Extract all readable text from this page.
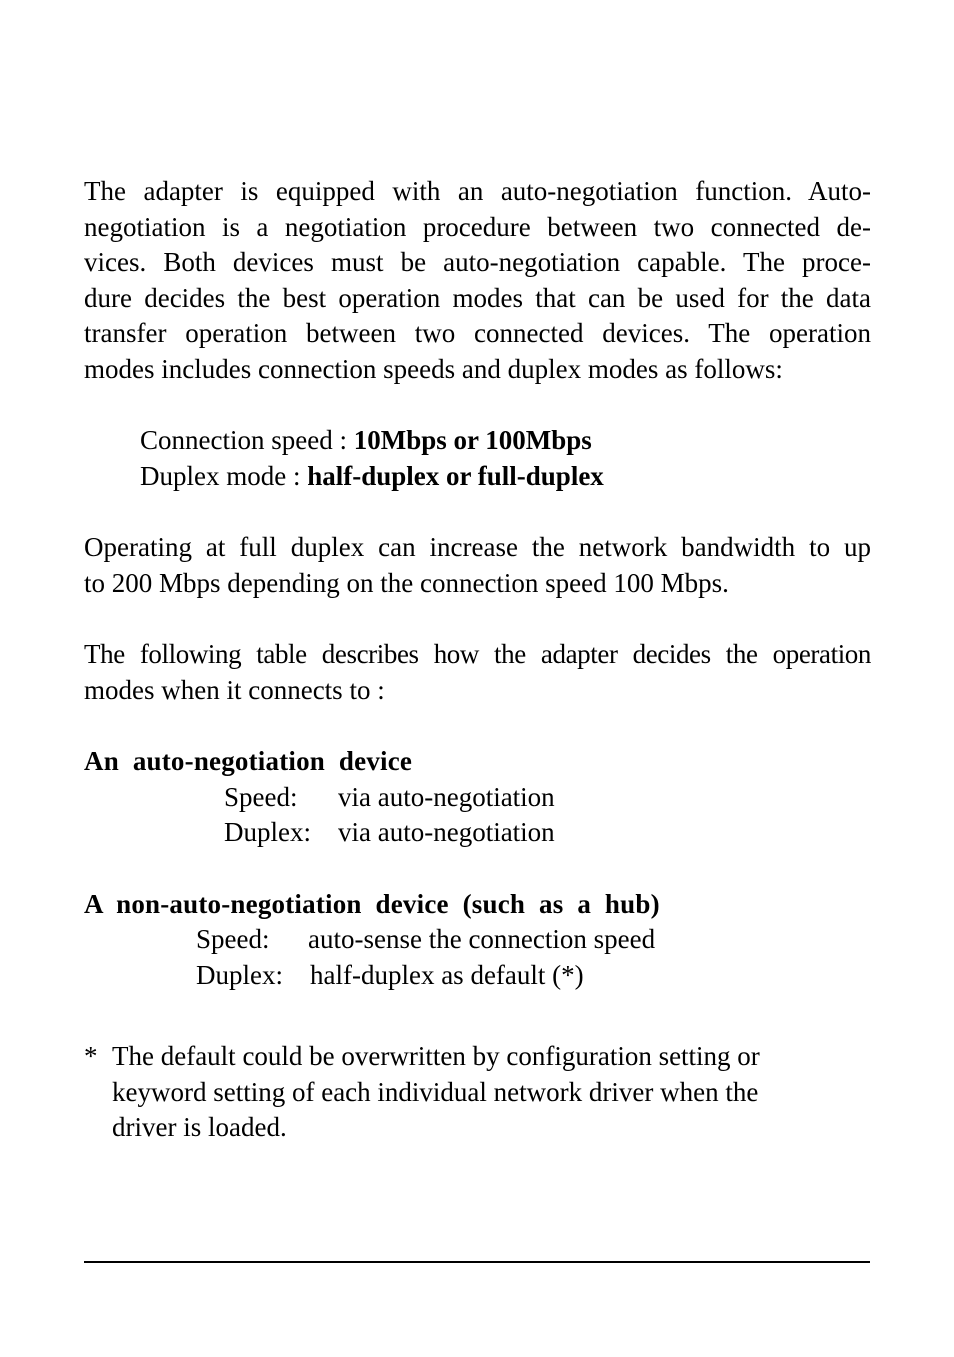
The adapter is equipped with an auto-negotiation function. Auto-
negotiation is a negotiation procedure between two connected de-
vices. Both devices must be auto-negotiation capable. The proce-
dure decides the best operation modes that can be used for the data
transfer operation between two connected devices. The operation
modes includes connection speeds and duplex modes as follows:
Connection speed : 10Mbps or 100Mbps
Duplex mode : half-duplex or full-duplex
Operating at full duplex can increase the network bandwidth to up
to 200 Mbps depending on the connection speed 100 Mbps.
The following table describes how the adapter decides the operation
modes when it connects to :
An  auto-negotiation  device
Speed: via auto-negotiation
Duplex: via auto-negotiation
A  non-auto-negotiation  device  (such  as  a  hub)
Speed: auto-sense the connection speed
Duplex: half-duplex as default (*)
* The default could be overwritten by configuration setting or
keyword setting of each individual network driver when the
driver is loaded.
